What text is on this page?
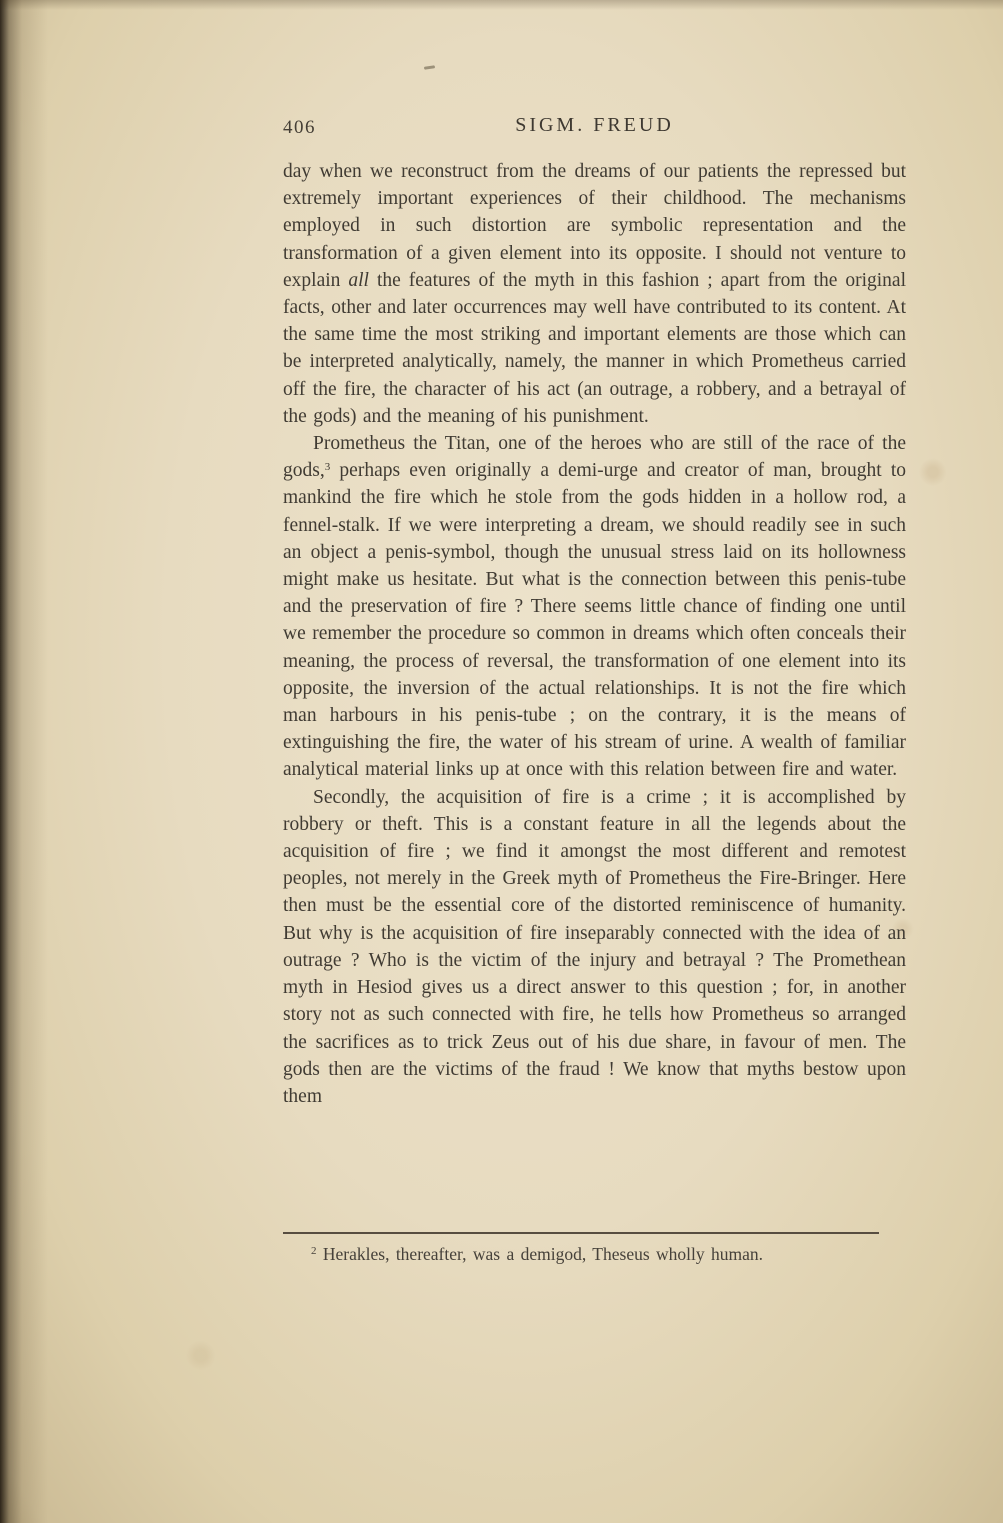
406	SIGM. FREUD

day when we reconstruct from the dreams of our patients the repressed but extremely important experiences of their childhood. The mechanisms employed in such distortion are symbolic representation and the transformation of a given element into its opposite. I should not venture to explain all the features of the myth in this fashion ; apart from the original facts, other and later occurrences may well have contributed to its content. At the same time the most striking and important elements are those which can be interpreted analytically, namely, the manner in which Prometheus carried off the fire, the character of his act (an outrage, a robbery, and a betrayal of the gods) and the meaning of his punishment.

Prometheus the Titan, one of the heroes who are still of the race of the gods,$^3$ perhaps even originally a demi-urge and creator of man, brought to mankind the fire which he stole from the gods hidden in a hollow rod, a fennel-stalk. If we were interpreting a dream, we should readily see in such an object a penis-symbol, though the unusual stress laid on its hollowness might make us hesitate. But what is the connection between this penis-tube and the preservation of fire ? There seems little chance of finding one until we remember the procedure so common in dreams which often conceals their meaning, the process of reversal, the transformation of one element into its opposite, the inversion of the actual relationships. It is not the fire which man harbours in his penis-tube ; on the contrary, it is the means of extinguishing the fire, the water of his stream of urine. A wealth of familiar analytical material links up at once with this relation between fire and water.

Secondly, the acquisition of fire is a crime ; it is accomplished by robbery or theft. This is a constant feature in all the legends about the acquisition of fire ; we find it amongst the most different and remotest peoples, not merely in the Greek myth of Prometheus the Fire-Bringer. Here then must be the essential core of the distorted reminiscence of humanity. But why is the acquisition of fire inseparably connected with the idea of an outrage ? Who is the victim of the injury and betrayal ? The Promethean myth in Hesiod gives us a direct answer to this question ; for, in another story not as such connected with fire, he tells how Prometheus so arranged the sacrifices as to trick Zeus out of his due share, in favour of men. The gods then are the victims of the fraud ! We know that myths bestow upon them

$^2$ Herakles, thereafter, was a demigod, Theseus wholly human.
